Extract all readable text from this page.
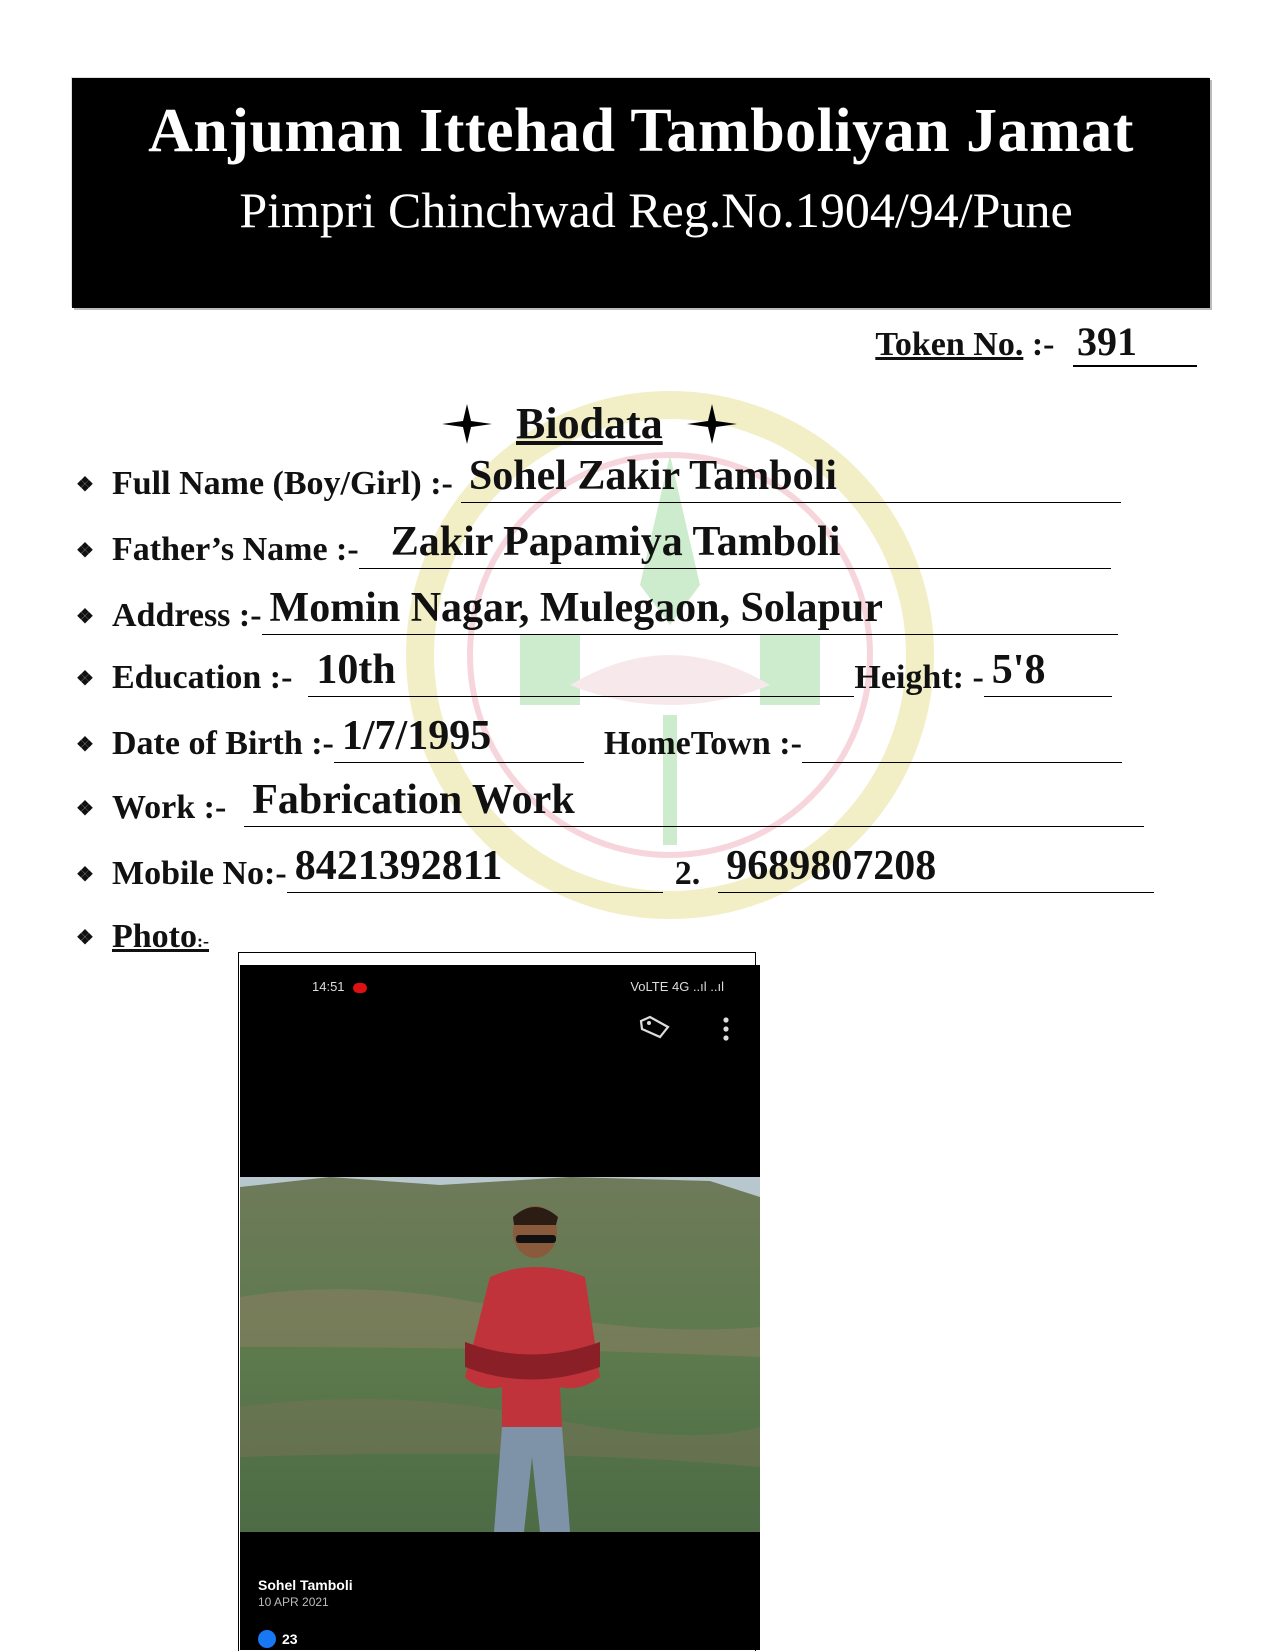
Anjuman Ittehad Tamboliyan Jamat
Pimpri Chinchwad Reg.No.1904/94/Pune
Token No. :- 391
Biodata
❖ Full Name (Boy/Girl) :- Sohel Zakir Tamboli
❖ Father’s Name :- Zakir Papamiya Tamboli
❖ Address :- Momin Nagar, Mulegaon, Solapur
❖ Education :- 10th	Height: - 5'8
❖ Date of Birth :- 1/7/1995	HomeTown :-
❖ Work :- Fabrication Work
❖ Mobile No:- 8421392811	2. 9689807208
❖ Photo:-
14:51	VoLTE 4G ..ıl ..ıl
Sohel Tamboli
10 APR 2021
23
